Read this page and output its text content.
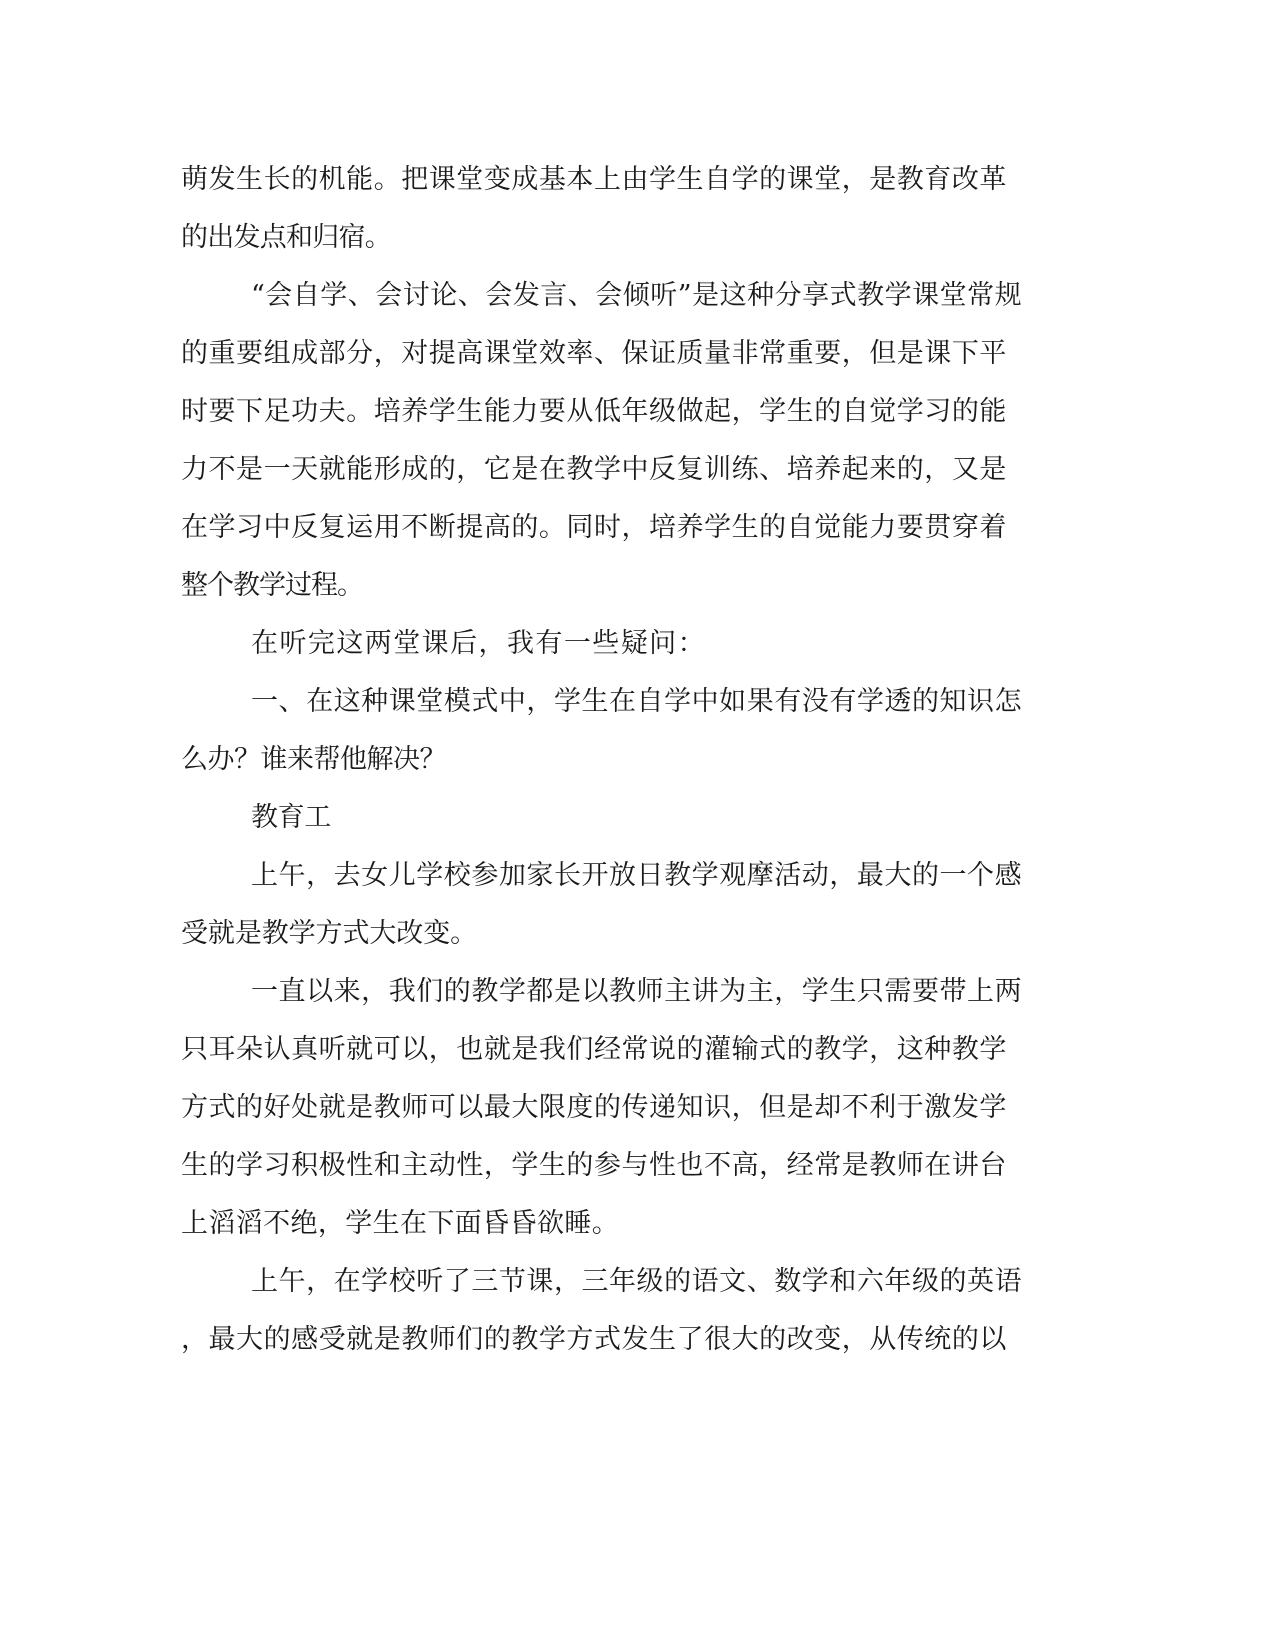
萌发生长的机能。把课堂变成基本上由学生自学的课堂，是教育改革
的出发点和归宿。
“会自学、会讨论、会发言、会倾听”是这种分享式教学课堂常规
的重要组成部分，对提高课堂效率、保证质量非常重要，但是课下平
时要下足功夫。培养学生能力要从低年级做起，学生的自觉学习的能
力不是一天就能形成的，它是在教学中反复训练、培养起来的，又是
在学习中反复运用不断提高的。同时，培养学生的自觉能力要贯穿着
整个教学过程。
在听完这两堂课后，我有一些疑问：
一、在这种课堂模式中，学生在自学中如果有没有学透的知识怎
么办？谁来帮他解决？
教育工
上午，去女儿学校参加家长开放日教学观摩活动，最大的一个感
受就是教学方式大改变。
一直以来，我们的教学都是以教师主讲为主，学生只需要带上两
只耳朵认真听就可以，也就是我们经常说的灌输式的教学，这种教学
方式的好处就是教师可以最大限度的传递知识，但是却不利于激发学
生的学习积极性和主动性，学生的参与性也不高，经常是教师在讲台
上滔滔不绝，学生在下面昏昏欲睡。
上午，在学校听了三节课，三年级的语文、数学和六年级的英语
，最大的感受就是教师们的教学方式发生了很大的改变，从传统的以
